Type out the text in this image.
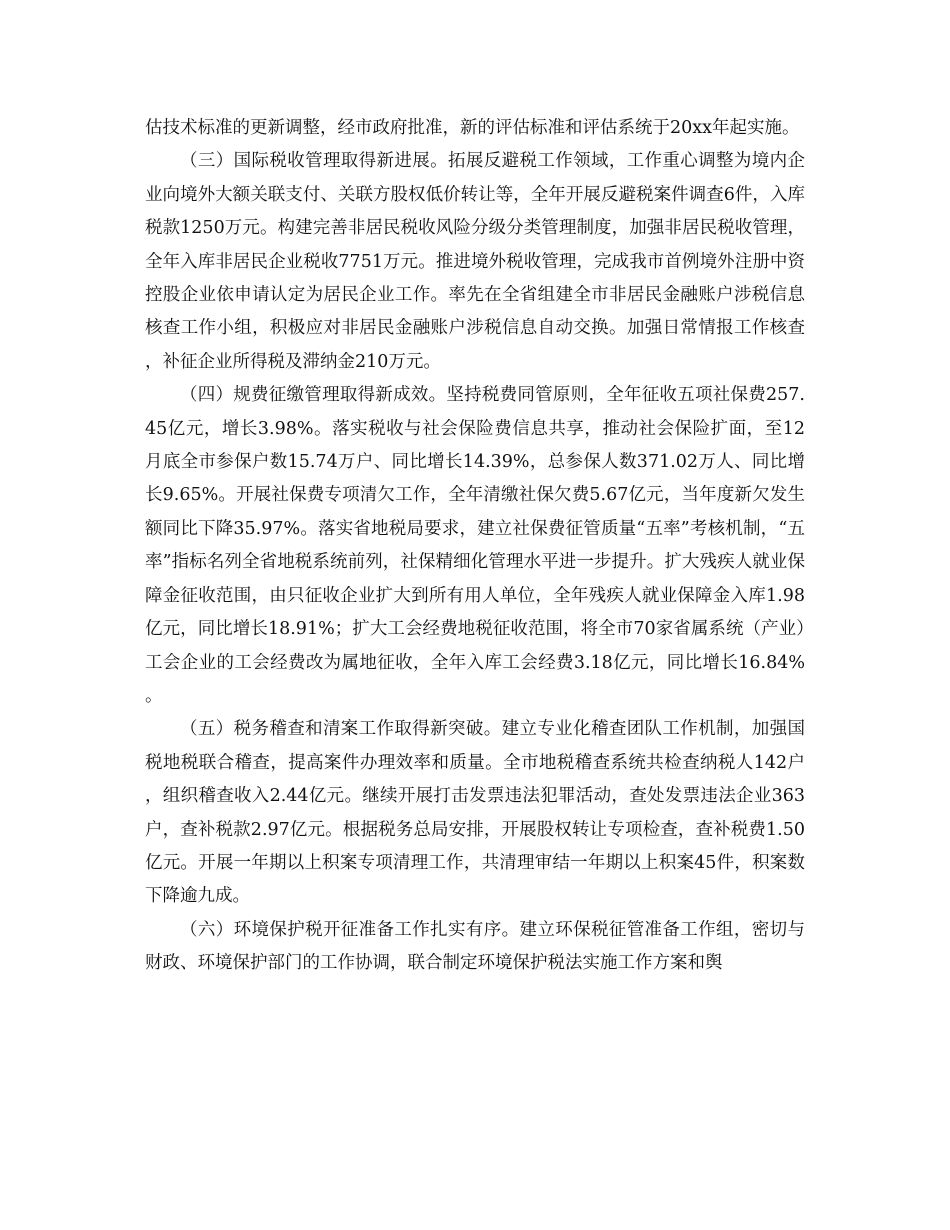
估技术标准的更新调整，经市政府批准，新的评估标准和评估系统于20xx年起实施。

（三）国际税收管理取得新进展。拓展反避税工作领域，工作重心调整为境内企业向境外大额关联支付、关联方股权低价转让等，全年开展反避税案件调查6件，入库税款1250万元。构建完善非居民税收风险分级分类管理制度，加强非居民税收管理，全年入库非居民企业税收7751万元。推进境外税收管理，完成我市首例境外注册中资控股企业依申请认定为居民企业工作。率先在全省组建全市非居民金融账户涉税信息核查工作小组，积极应对非居民金融账户涉税信息自动交换。加强日常情报工作核查，补征企业所得税及滞纳金210万元。

（四）规费征缴管理取得新成效。坚持税费同管原则，全年征收五项社保费257.45亿元，增长3.98%。落实税收与社会保险费信息共享，推动社会保险扩面，至12月底全市参保户数15.74万户、同比增长14.39%，总参保人数371.02万人、同比增长9.65%。开展社保费专项清欠工作，全年清缴社保欠费5.67亿元，当年度新欠发生额同比下降35.97%。落实省地税局要求，建立社保费征管质量“五率”考核机制，“五率”指标名列全省地税系统前列，社保精细化管理水平进一步提升。扩大残疾人就业保障金征收范围，由只征收企业扩大到所有用人单位，全年残疾人就业保障金入库1.98亿元，同比增长18.91%；扩大工会经费地税征收范围，将全市70家省属系统（产业）工会企业的工会经费改为属地征收，全年入库工会经费3.18亿元，同比增长16.84%。

（五）税务稽查和清案工作取得新突破。建立专业化稽查团队工作机制，加强国税地税联合稽查，提高案件办理效率和质量。全市地税稽查系统共检查纳税人142户，组织稽查收入2.44亿元。继续开展打击发票违法犯罪活动，查处发票违法企业363户，查补税款2.97亿元。根据税务总局安排，开展股权转让专项检查，查补税费1.50亿元。开展一年期以上积案专项清理工作，共清理审结一年期以上积案45件，积案数下降逾九成。

（六）环境保护税开征准备工作扎实有序。建立环保税征管准备工作组，密切与财政、环境保护部门的工作协调，联合制定环境保护税法实施工作方案和舆
